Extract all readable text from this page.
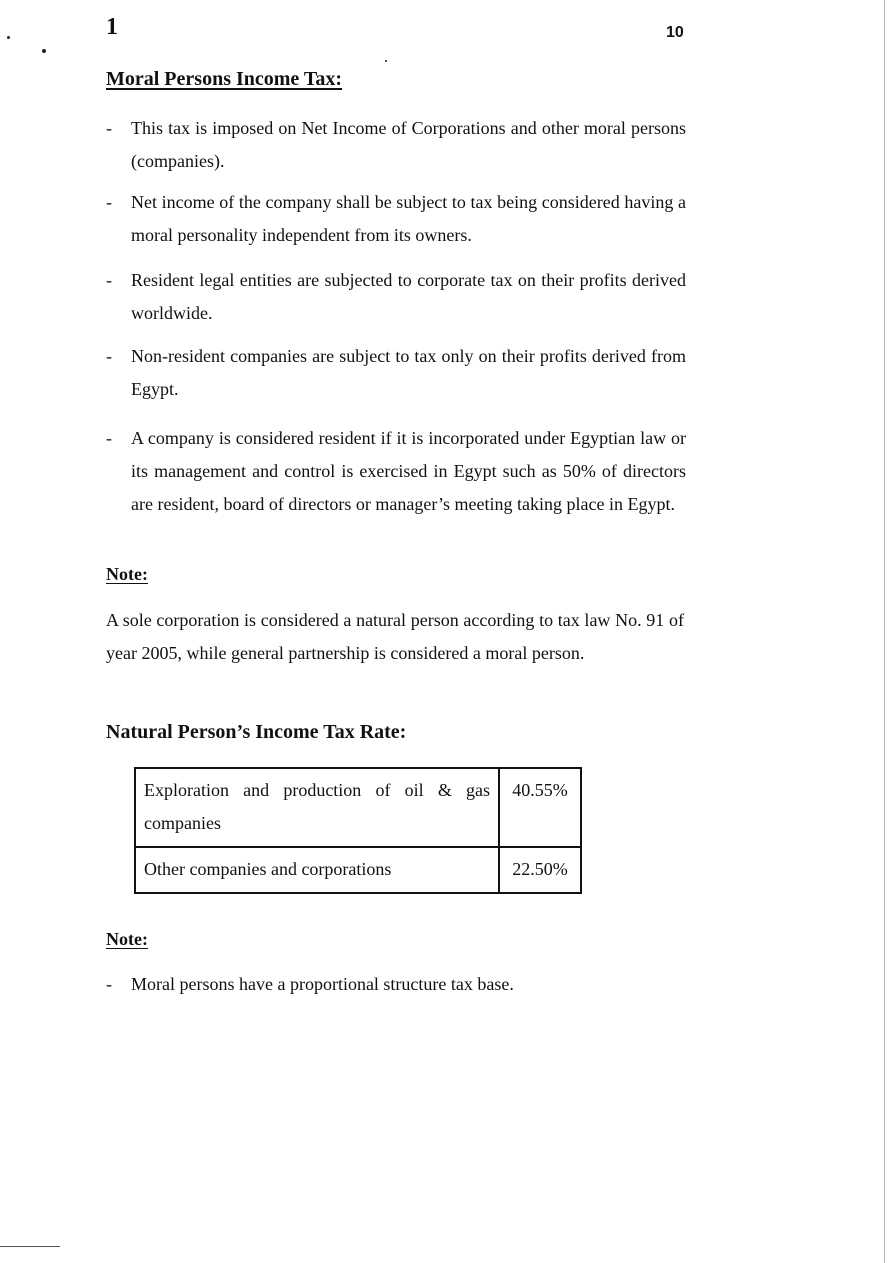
1	10
Moral Persons Income Tax:
- This tax is imposed on Net Income of Corporations and other moral persons (companies).
- Net income of the company shall be subject to tax being considered having a moral personality independent from its owners.
- Resident legal entities are subjected to corporate tax on their profits derived worldwide.
- Non-resident companies are subject to tax only on their profits derived from Egypt.
- A company is considered resident if it is incorporated under Egyptian law or its management and control is exercised in Egypt such as 50% of directors are resident, board of directors or manager’s meeting taking place in Egypt.
Note:
A sole corporation is considered a natural person according to tax law No. 91 of year 2005, while general partnership is considered a moral person.
Natural Person’s Income Tax Rate:
Exploration and production of oil & gas companies	40.55%
Other companies and corporations	22.50%
Note:
- Moral persons have a proportional structure tax base.
